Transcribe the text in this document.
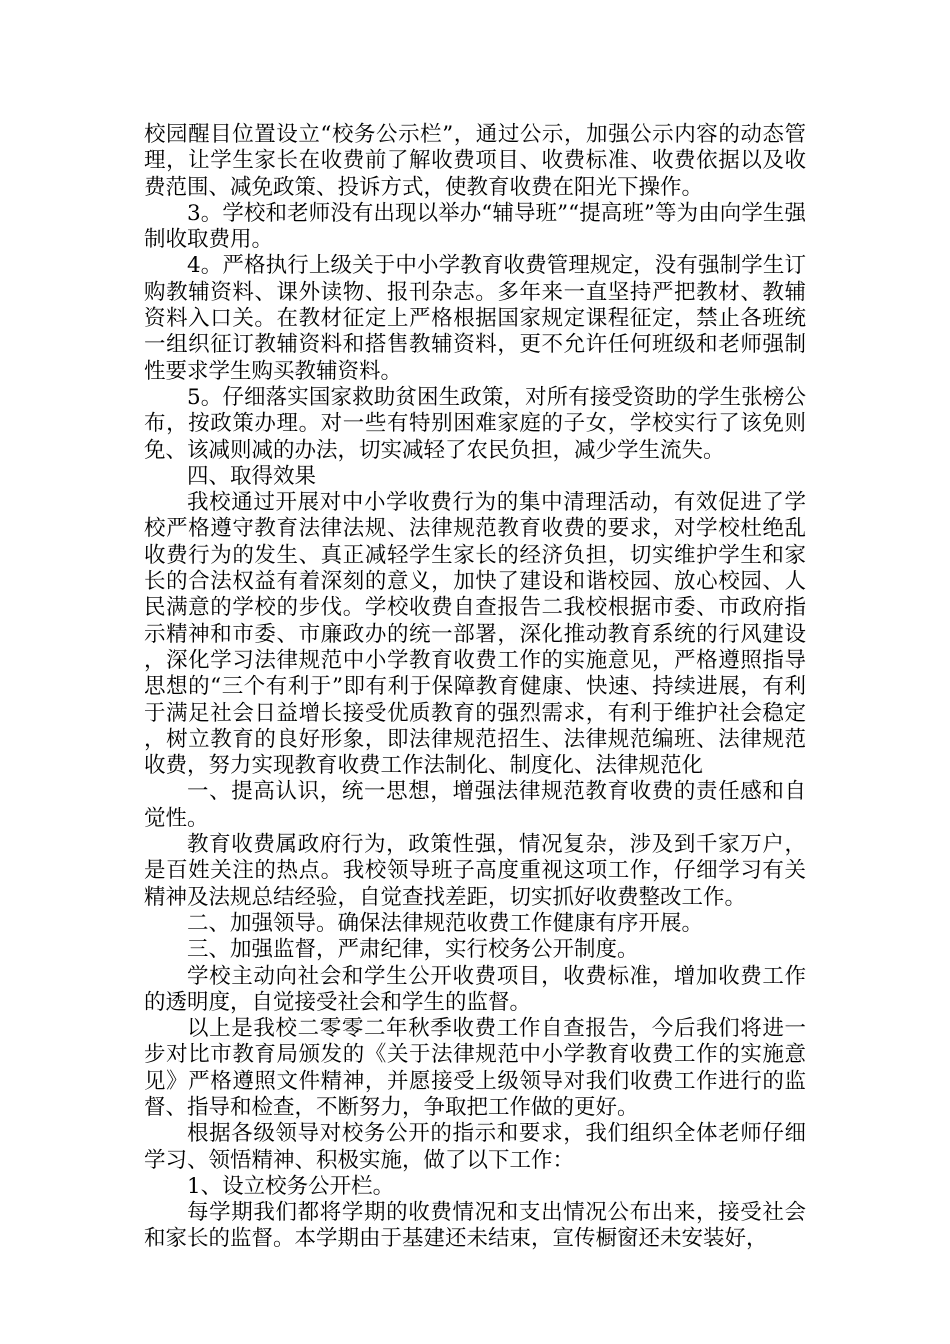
校园醒目位置设立“校务公示栏”，通过公示，加强公示内容的动态管理，让学生家长在收费前了解收费项目、收费标准、收费依据以及收费范围、减免政策、投诉方式，使教育收费在阳光下操作。

3。学校和老师没有出现以举办“辅导班”“提高班”等为由向学生强制收取费用。

4。严格执行上级关于中小学教育收费管理规定，没有强制学生订购教辅资料、课外读物、报刊杂志。多年来一直坚持严把教材、教辅资料入口关。在教材征定上严格根据国家规定课程征定，禁止各班统一组织征订教辅资料和搭售教辅资料，更不允许任何班级和老师强制性要求学生购买教辅资料。

5。仔细落实国家救助贫困生政策，对所有接受资助的学生张榜公布，按政策办理。对一些有特别困难家庭的子女，学校实行了该免则免、该减则减的办法，切实减轻了农民负担，减少学生流失。

四、取得效果

我校通过开展对中小学收费行为的集中清理活动，有效促进了学校严格遵守教育法律法规、法律规范教育收费的要求，对学校杜绝乱收费行为的发生、真正减轻学生家长的经济负担，切实维护学生和家长的合法权益有着深刻的意义，加快了建设和谐校园、放心校园、人民满意的学校的步伐。学校收费自查报告二我校根据市委、市政府指示精神和市委、市廉政办的统一部署，深化推动教育系统的行风建设，深化学习法律规范中小学教育收费工作的实施意见，严格遵照指导思想的“三个有利于”即有利于保障教育健康、快速、持续进展，有利于满足社会日益增长接受优质教育的强烈需求，有利于维护社会稳定，树立教育的良好形象，即法律规范招生、法律规范编班、法律规范收费，努力实现教育收费工作法制化、制度化、法律规范化

一、提高认识，统一思想，增强法律规范教育收费的责任感和自觉性。

教育收费属政府行为，政策性强，情况复杂，涉及到千家万户，是百姓关注的热点。我校领导班子高度重视这项工作，仔细学习有关精神及法规总结经验，自觉查找差距，切实抓好收费整改工作。

二、加强领导。确保法律规范收费工作健康有序开展。

三、加强监督，严肃纪律，实行校务公开制度。

学校主动向社会和学生公开收费项目，收费标准，增加收费工作的透明度，自觉接受社会和学生的监督。

以上是我校二零零二年秋季收费工作自查报告，今后我们将进一步对比市教育局颁发的《关于法律规范中小学教育收费工作的实施意见》严格遵照文件精神，并愿接受上级领导对我们收费工作进行的监督、指导和检查，不断努力，争取把工作做的更好。

根据各级领导对校务公开的指示和要求，我们组织全体老师仔细学习、领悟精神、积极实施，做了以下工作：

1、设立校务公开栏。

每学期我们都将学期的收费情况和支出情况公布出来，接受社会和家长的监督。本学期由于基建还未结束，宣传橱窗还未安装好，
